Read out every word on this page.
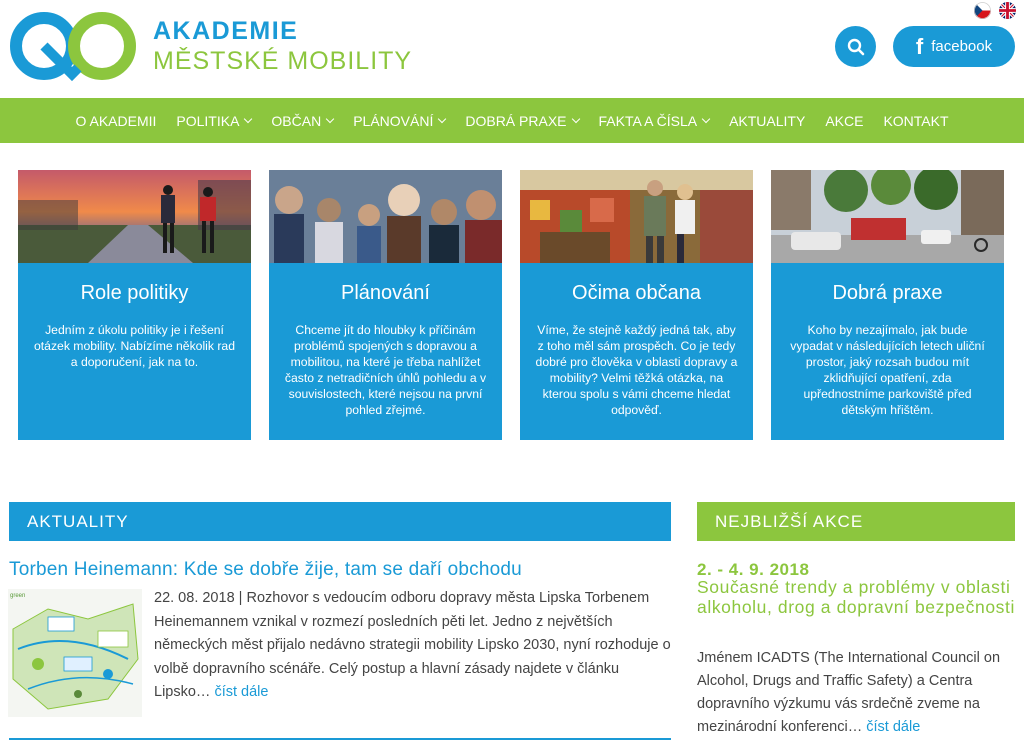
AKADEMIE
MĚSTSKÉ MOBILITY
f facebook
O AKADEMII POLITIKA OBČAN PLÁNOVÁNÍ DOBRÁ PRAXE FAKTA A ČÍSLA AKTUALITY AKCE KONTAKT
Role politiky
Jedním z úkolu politiky je i řešení otázek mobility. Nabízíme několik rad a doporučení, jak na to.
Plánování
Chceme jít do hloubky k příčinám problémů spojených s dopravou a mobilitou, na které je třeba nahlížet často z netradičních úhlů pohledu a v souvislostech, které nejsou na první pohled zřejmé.
Očima občana
Víme, že stejně každý jedná tak, aby z toho měl sám prospěch. Co je tedy dobré pro člověka v oblasti dopravy a mobility? Velmi těžká otázka, na kterou spolu s vámi chceme hledat odpověď.
Dobrá praxe
Koho by nezajímalo, jak bude vypadat v následujících letech uliční prostor, jaký rozsah budou mít zklidňující opatření, zda upřednostníme parkoviště před dětským hřištěm.
AKTUALITY
Torben Heinemann: Kde se dobře žije, tam se daří obchodu
green	22. 08. 2018 | Rozhovor s vedoucím odboru dopravy města Lipska Torbenem Heinemannem vznikal v rozmezí posledních pěti let. Jedno z největších německých měst přijalo nedávno strategii mobility Lipsko 2030, nyní rozhoduje o volbě dopravního scénáře. Celý postup a hlavní zásady najdete v článku Lipsko… číst dále
NEJBLIŽŠÍ AKCE
2. - 4. 9. 2018
Současné trendy a problémy v oblasti alkoholu, drog a dopravní bezpečnosti
Jménem ICADTS (The International Council on Alcohol, Drugs and Traffic Safety) a Centra dopravního výzkumu vás srdečně zveme na mezinárodní konferenci… číst dále
